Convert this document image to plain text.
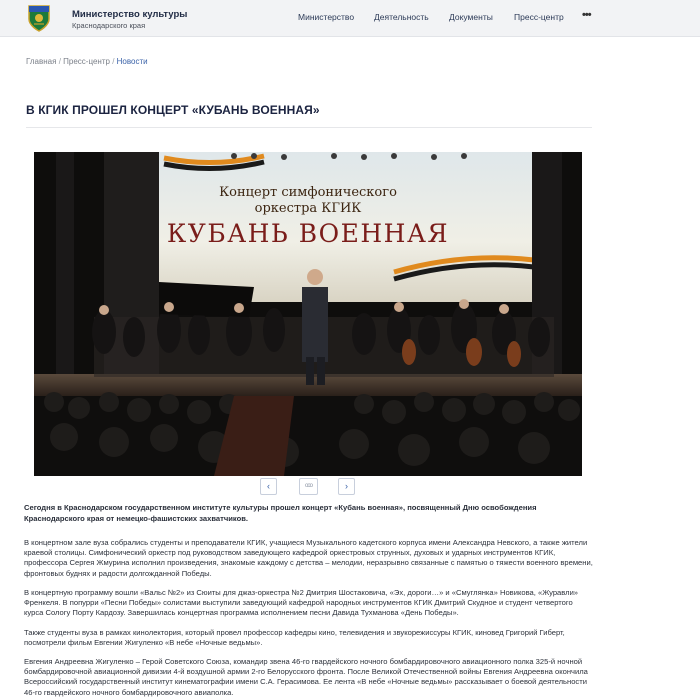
Министерство культуры
Краснодарского края
Министерство Деятельность Документы Пресс-центр •••
Главная / Пресс-центр / Новости
В КГИК ПРОШЕЛ КОНЦЕРТ «КУБАНЬ ВОЕННАЯ»
Концерт симфонического
оркестра КГИК
КУБАНЬ ВОЕННАЯ
‹	ooo	›

Сегодня в Краснодарском государственном институте культуры прошел концерт «Кубань военная», посвященный Дню освобождения Краснодарского края от немецко-фашистских захватчиков.

В концертном зале вуза собрались студенты и преподаватели КГИК, учащиеся Музыкального кадетского корпуса имени Александра Невского, а также жители краевой столицы. Симфонический оркестр под руководством заведующего кафедрой оркестровых струнных, духовых и ударных инструментов КГИК, профессора Сергея Жмурина исполнил произведения, знакомые каждому с детства – мелодии, неразрывно связанные с памятью о тяжести военного времени, фронтовых буднях и радости долгожданной Победы.

В концертную программу вошли «Вальс №2» из Сюиты для джаз-оркестра №2 Дмитрия Шостаковича, «Эх, дороги…» и «Смуглянка» Новикова, «Журавли» Френкеля. В попурри «Песни Победы» солистами выступили заведующий кафедрой народных инструментов КГИК Дмитрий Скудное и студент четвертого курса Сологу Порту Кардозу. Завершилась концертная программа исполнением песни Давида Тухманова «День Победы».

Также студенты вуза в рамках кинолектория, который провел профессор кафедры кино, телевидения и звукорежиссуры КГИК, киновед Григорий Гиберт, посмотрели фильм Евгении Жигуленко «В небе «Ночные ведьмы».

Евгения Андреевна Жигуленко – Герой Советского Союза, командир звена 46-го гвардейского ночного бомбардировочного авиационного полка 325-й ночной бомбардировочной авиационной дивизии 4-й воздушной армии 2-го Белорусского фронта. После Великой Отечественной войны Евгения Андреевна окончила Всероссийский государственный институт кинематографии имени С.А. Герасимова. Ее лента «В небе «Ночные ведьмы» рассказывает о боевой деятельности 46-го гвардейского ночного бомбардировочного авиаполка.
